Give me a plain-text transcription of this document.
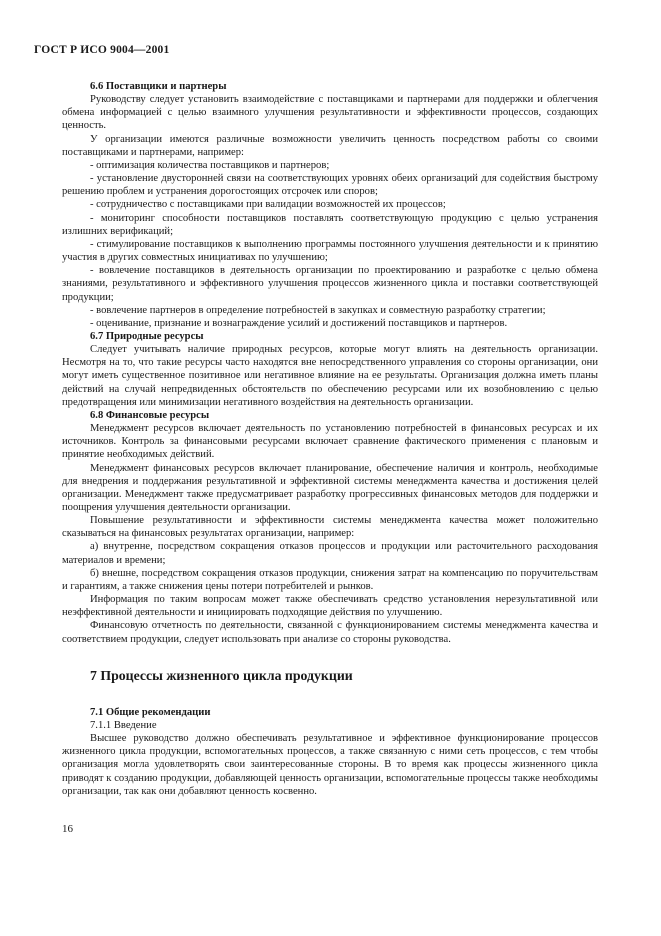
ГОСТ Р ИСО 9004—2001
6.6 Поставщики и партнеры

Руководству следует установить взаимодействие с поставщиками и партнерами для поддержки и облегчения обмена информацией с целью взаимного улучшения результативности и эффективности процессов, создающих ценность.

У организации имеются различные возможности увеличить ценность посредством работы со своими поставщиками и партнерами, например:

- оптимизация количества поставщиков и партнеров;

- установление двусторонней связи на соответствующих уровнях обеих организаций для содействия быстрому решению проблем и устранения дорогостоящих отсрочек или споров;

- сотрудничество с поставщиками при валидации возможностей их процессов;

- мониторинг способности поставщиков поставлять соответствующую продукцию с целью устранения излишних верификаций;

- стимулирование поставщиков к выполнению программы постоянного улучшения деятельности и к принятию участия в других совместных инициативах по улучшению;

- вовлечение поставщиков в деятельность организации по проектированию и разработке с целью обмена знаниями, результативного и эффективного улучшения процессов жизненного цикла и поставки соответствующей продукции;

- вовлечение партнеров в определение потребностей в закупках и совместную разработку стратегии;

- оценивание, признание и вознаграждение усилий и достижений поставщиков и партнеров.

6.7 Природные ресурсы

Следует учитывать наличие природных ресурсов, которые могут влиять на деятельность организации. Несмотря на то, что такие ресурсы часто находятся вне непосредственного управления со стороны организации, они могут иметь существенное позитивное или негативное влияние на ее результаты. Организация должна иметь планы действий на случай непредвиденных обстоятельств по обеспечению ресурсами или их возобновлению с целью предотвращения или минимизации негативного воздействия на деятельность организации.

6.8 Финансовые ресурсы

Менеджмент ресурсов включает деятельность по установлению потребностей в финансовых ресурсах и их источников. Контроль за финансовыми ресурсами включает сравнение фактического применения с плановым и принятие необходимых действий.

Менеджмент финансовых ресурсов включает планирование, обеспечение наличия и контроль, необходимые для внедрения и поддержания результативной и эффективной системы менеджмента качества и достижения целей организации. Менеджмент также предусматривает разработку прогрессивных финансовых методов для поддержки и поощрения улучшения деятельности организации.

Повышение результативности и эффективности системы менеджмента качества может положительно сказываться на финансовых результатах организации, например:

а) внутренне, посредством сокращения отказов процессов и продукции или расточительного расходования материалов и времени;

б) внешне, посредством сокращения отказов продукции, снижения затрат на компенсацию по поручительствам и гарантиям, а также снижения цены потери потребителей и рынков.

Информация по таким вопросам может также обеспечивать средство установления нерезультативной или неэффективной деятельности и инициировать подходящие действия по улучшению.

Финансовую отчетность по деятельности, связанной с функционированием системы менеджмента качества и соответствием продукции, следует использовать при анализе со стороны руководства.

7 Процессы жизненного цикла продукции
7.1 Общие рекомендации

7.1.1 Введение

Высшее руководство должно обеспечивать результативное и эффективное функционирование процессов жизненного цикла продукции, вспомогательных процессов, а также связанную с ними сеть процессов, с тем чтобы организация могла удовлетворять свои заинтересованные стороны. В то время как процессы жизненного цикла приводят к созданию продукции, добавляющей ценность организации, вспомогательные процессы также необходимы организации, так как они добавляют ценность косвенно.

16
